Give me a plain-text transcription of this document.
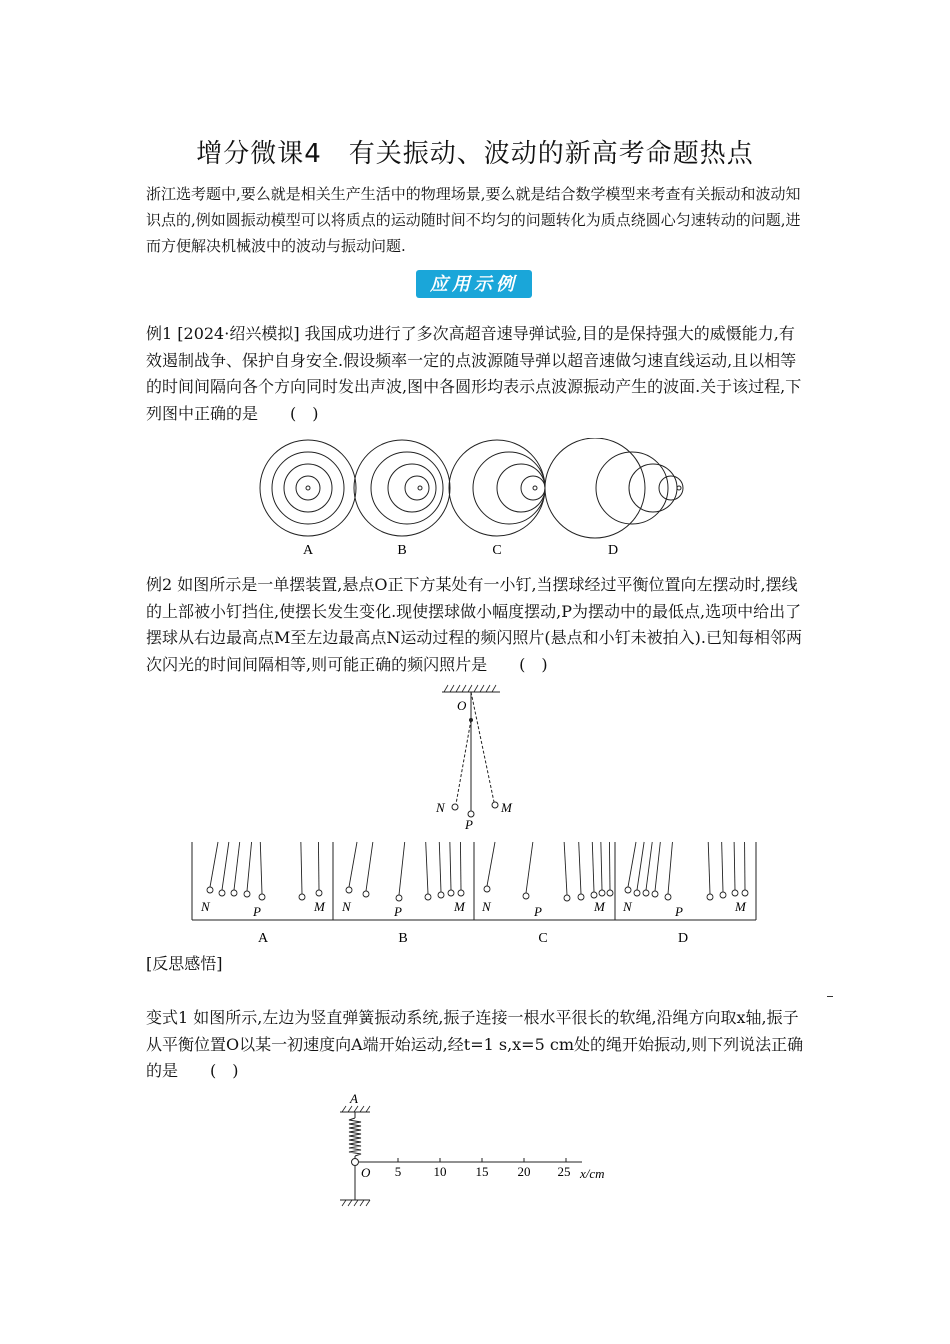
增分微课4　有关振动、波动的新高考命题热点
浙江选考题中,要么就是相关生产生活中的物理场景,要么就是结合数学模型来考查有关振动和波动知识点的,例如圆振动模型可以将质点的运动随时间不均匀的问题转化为质点绕圆心匀速转动的问题,进而方便解决机械波中的波动与振动问题.
应用示例
例1 [2024·绍兴模拟] 我国成功进行了多次高超音速导弹试验,目的是保持强大的威慑能力,有效遏制战争、保护自身安全.假设频率一定的点波源随导弹以超音速做匀速直线运动,且以相等的时间间隔向各个方向同时发出声波,图中各圆形均表示点波源振动产生的波面.关于该过程,下列图中正确的是　　(　)
A	B	C	D
例2 如图所示是一单摆装置,悬点O正下方某处有一小钉,当摆球经过平衡位置向左摆动时,摆线的上部被小钉挡住,使摆长发生变化.现使摆球做小幅度摆动,P为摆动中的最低点,选项中给出了摆球从右边最高点M至左边最高点N运动过程的频闪照片(悬点和小钉未被拍入).已知每相邻两次闪光的时间间隔相等,则可能正确的频闪照片是　　(　)
O
N	M
P
N	P	M N	P	M N	P	M N	P	M
A	B	C	D
[反思感悟]
变式1 如图所示,左边为竖直弹簧振动系统,振子连接一根水平很长的软绳,沿绳方向取x轴,振子从平衡位置O以某一初速度向A端开始运动,经t=1 s,x=5 cm处的绳开始振动,则下列说法正确的是　　(　)
A
O 5 10 15 20 25 x/cm
